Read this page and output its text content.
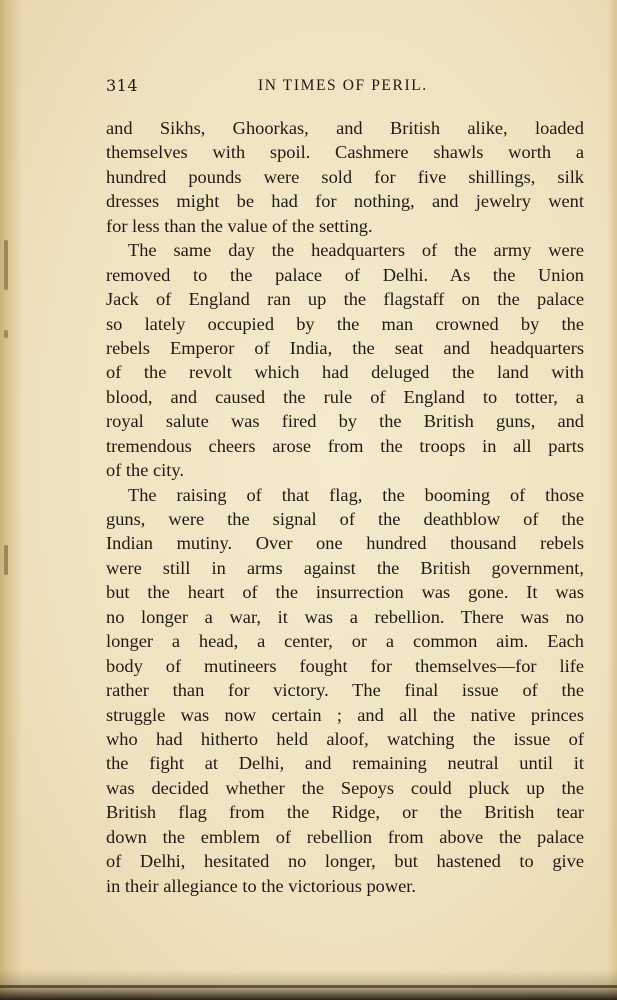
314	IN TIMES OF PERIL.
and Sikhs, Ghoorkas, and British alike, loaded
themselves with spoil. Cashmere shawls worth a
hundred pounds were sold for five shillings, silk
dresses might be had for nothing, and jewelry went
for less than the value of the setting.
The same day the headquarters of the army were
removed to the palace of Delhi. As the Union
Jack of England ran up the flagstaff on the palace
so lately occupied by the man crowned by the
rebels Emperor of India, the seat and headquarters
of the revolt which had deluged the land with
blood, and caused the rule of England to totter, a
royal salute was fired by the British guns, and
tremendous cheers arose from the troops in all parts
of the city.
The raising of that flag, the booming of those
guns, were the signal of the deathblow of the
Indian mutiny. Over one hundred thousand rebels
were still in arms against the British government,
but the heart of the insurrection was gone. It was
no longer a war, it was a rebellion. There was no
longer a head, a center, or a common aim. Each
body of mutineers fought for themselves—for life
rather than for victory. The final issue of the
struggle was now certain ; and all the native princes
who had hitherto held aloof, watching the issue of
the fight at Delhi, and remaining neutral until it
was decided whether the Sepoys could pluck up the
British flag from the Ridge, or the British tear
down the emblem of rebellion from above the palace
of Delhi, hesitated no longer, but hastened to give
in their allegiance to the victorious power.
